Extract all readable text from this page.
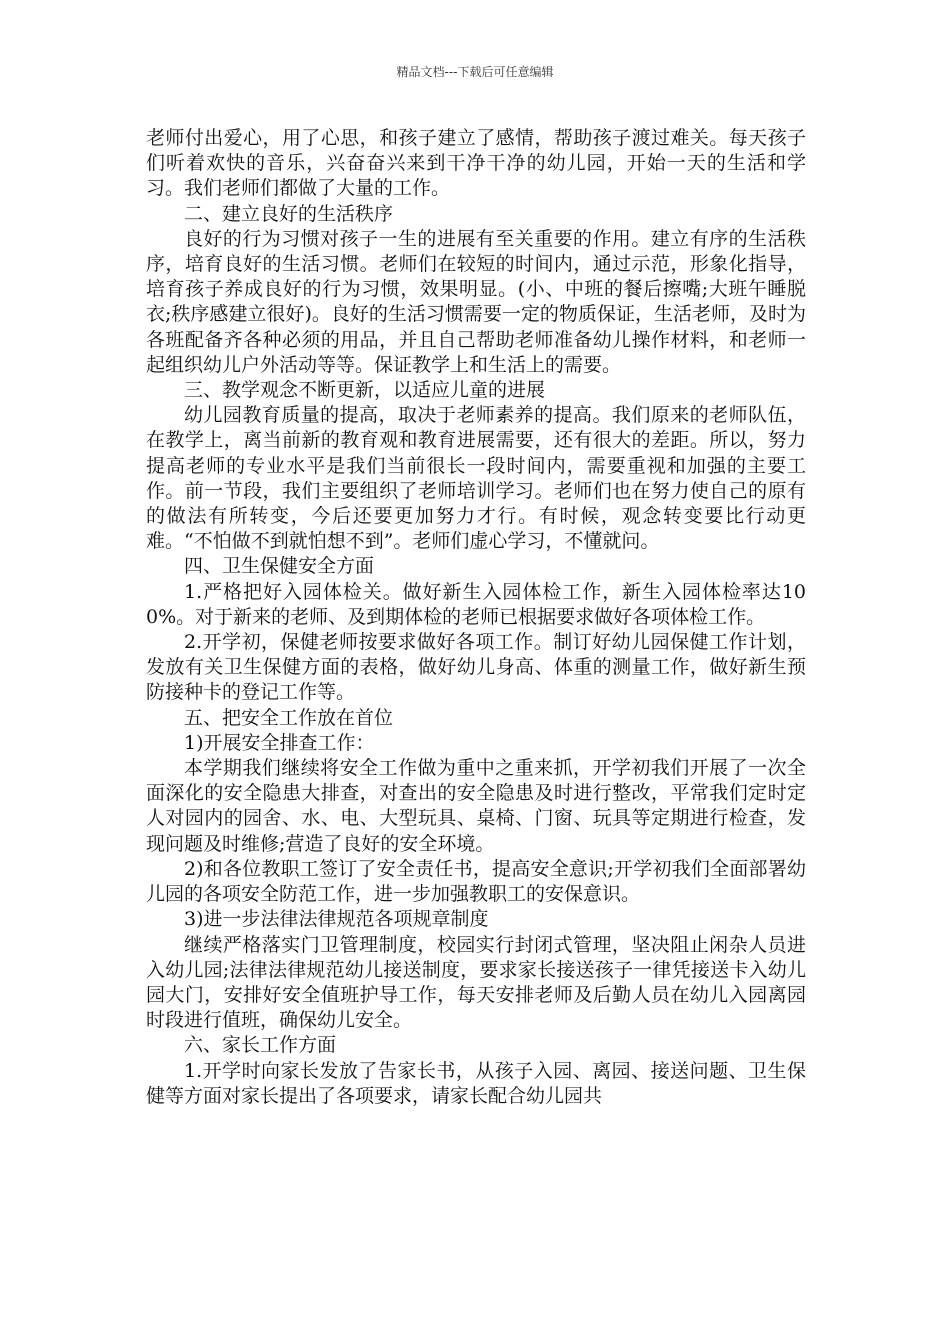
精品文档---下载后可任意编辑

老师付出爱心，用了心思，和孩子建立了感情，帮助孩子渡过难关。每天孩子们听着欢快的音乐，兴奋奋兴来到干净干净的幼儿园，开始一天的生活和学习。我们老师们都做了大量的工作。

二、建立良好的生活秩序

良好的行为习惯对孩子一生的进展有至关重要的作用。建立有序的生活秩序，培育良好的生活习惯。老师们在较短的时间内，通过示范，形象化指导，培育孩子养成良好的行为习惯，效果明显。(小、中班的餐后擦嘴;大班午睡脱衣;秩序感建立很好)。良好的生活习惯需要一定的物质保证，生活老师，及时为各班配备齐各种必须的用品，并且自己帮助老师准备幼儿操作材料，和老师一起组织幼儿户外活动等等。保证教学上和生活上的需要。

三、教学观念不断更新，以适应儿童的进展

幼儿园教育质量的提高，取决于老师素养的提高。我们原来的老师队伍，在教学上，离当前新的教育观和教育进展需要，还有很大的差距。所以，努力提高老师的专业水平是我们当前很长一段时间内，需要重视和加强的主要工作。前一节段，我们主要组织了老师培训学习。老师们也在努力使自己的原有的做法有所转变，今后还要更加努力才行。有时候，观念转变要比行动更难。“不怕做不到就怕想不到”。老师们虚心学习，不懂就问。

四、卫生保健安全方面

1.严格把好入园体检关。做好新生入园体检工作，新生入园体检率达100%。对于新来的老师、及到期体检的老师已根据要求做好各项体检工作。

2.开学初，保健老师按要求做好各项工作。制订好幼儿园保健工作计划，发放有关卫生保健方面的表格，做好幼儿身高、体重的测量工作，做好新生预防接种卡的登记工作等。

五、把安全工作放在首位

1)开展安全排查工作：

本学期我们继续将安全工作做为重中之重来抓，开学初我们开展了一次全面深化的安全隐患大排查，对查出的安全隐患及时进行整改，平常我们定时定人对园内的园舍、水、电、大型玩具、桌椅、门窗、玩具等定期进行检查，发现问题及时维修;营造了良好的安全环境。

2)和各位教职工签订了安全责任书，提高安全意识;开学初我们全面部署幼儿园的各项安全防范工作，进一步加强教职工的安保意识。

3)进一步法律法律规范各项规章制度

继续严格落实门卫管理制度，校园实行封闭式管理，坚决阻止闲杂人员进入幼儿园;法律法律规范幼儿接送制度，要求家长接送孩子一律凭接送卡入幼儿园大门，安排好安全值班护导工作，每天安排老师及后勤人员在幼儿入园离园时段进行值班，确保幼儿安全。

六、家长工作方面

1.开学时向家长发放了告家长书，从孩子入园、离园、接送问题、卫生保健等方面对家长提出了各项要求，请家长配合幼儿园共
